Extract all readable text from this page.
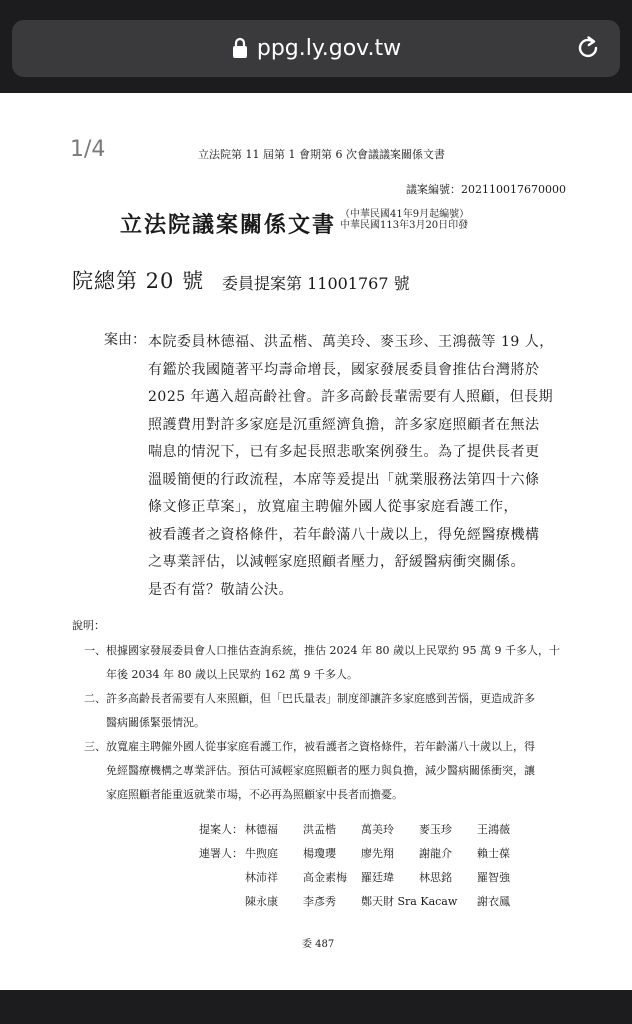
ppg.ly.gov.tw
1/4	立法院第 11 屆第 1 會期第 6 次會議議案關係文書
議案編號：202110017670000
立法院議案關係文書 （中華民國41年9月起編號）
中華民國113年3月20日印發
院總第 20 號 委員提案第 11001767 號
案由： 本院委員林德福、洪孟楷、萬美玲、麥玉珍、王鴻薇等 19 人，
有鑑於我國隨著平均壽命增長，國家發展委員會推估台灣將於
2025 年邁入超高齡社會。許多高齡長輩需要有人照顧，但長期
照護費用對許多家庭是沉重經濟負擔，許多家庭照顧者在無法
喘息的情況下，已有多起長照悲歌案例發生。為了提供長者更
溫暖簡便的行政流程，本席等爰提出「就業服務法第四十六條
條文修正草案」，放寬雇主聘僱外國人從事家庭看護工作，
被看護者之資格條件，若年齡滿八十歲以上，得免經醫療機構
之專業評估，以減輕家庭照顧者壓力，舒緩醫病衝突關係。
是否有當？敬請公決。
說明：
一、 根據國家發展委員會人口推估查詢系統，推估 2024 年 80 歲以上民眾約 95 萬 9 千多人，十
年後 2034 年 80 歲以上民眾約 162 萬 9 千多人。
二、 許多高齡長者需要有人來照顧，但「巴氏量表」制度卻讓許多家庭感到苦惱，更造成許多
醫病關係緊張情況。
三、 放寬雇主聘僱外國人從事家庭看護工作，被看護者之資格條件，若年齡滿八十歲以上，得
免經醫療機構之專業評估。預估可減輕家庭照顧者的壓力與負擔，減少醫病關係衝突，讓
家庭照顧者能重返就業市場，不必再為照顧家中長者而擔憂。
提案人： 林德福 洪孟楷 萬美玲 麥玉珍 王鴻薇
連署人： 牛煦庭 楊瓊瓔 廖先翔 謝龍介 賴士葆
林沛祥 高金素梅 羅廷瑋 林思銘 羅智強
陳永康 李彥秀 鄭天財 Sra Kacaw 謝衣鳳
委 487
